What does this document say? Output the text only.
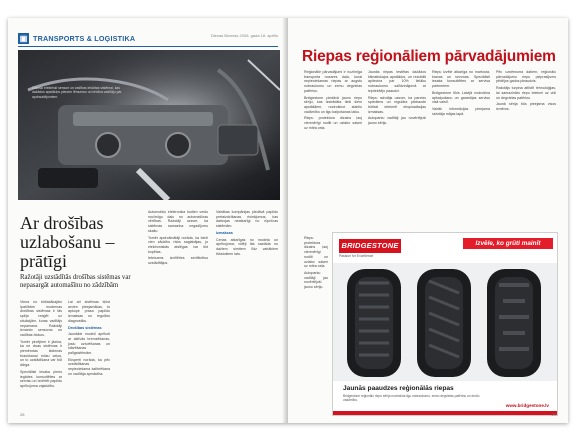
▣ TRANSPORTS & LOĢISTIKA	Dienas Bizness 2008. gada 18. aprīlis
Dabiski elektriski sensori un vadības iekārtas sistēmai, kas dažādos apstākļos pieņem lēmumus un brīdina vadītāju par apdraudējumiem.
Ar drošības uzlabošanu – prātīgi
Ražotāji uzstādītās drošības sistēmas var nepasargāt automašīnu no zādzībām

Viena no būtiskākajām īpašībām modernas drošības sistēmas ir tās spēja reaģēt uz situācijām, kuras vadītājs nepamana. Ražotāji izmanto sensorus un vadības blokus.

Tomēr pircējiem ir jāzina, ka ne visas sistēmas ir piemērotas ikdienas braukšanai mūsu ceļos, un to uzstādīšana var būt dārga.

Speciālisti iesaka pirms iegādes konsultēties ar servisu un izvērtēt papildu aprīkojuma vajadzību.

Lai arī sistēmas kļūst arvien pieejamākas, to apkope prasa papildu izmaksas un regulāru diagnostiku.

Drošības sistēmas

Jaunākie modeļi aprīkoti ar aktīvās bremzēšanas, joslu uzturēšanas un stāvēšanas palīgsistēmām.

Eksperti norāda, ka pēc uzstādīšanas nepieciešama kalibrēšana un vadītāja apmācība.

Automobiļu elektronika šodien veido nozīmīgu daļu no automašīnas vērtības. Ražotāji uzsver, ka sistēmas samazina negadījumu skaitu.

Tomēr apdrošinātāji norāda, ka bieži vien zādzību risks saglabājas, jo elektroniskās atslēgas var tikt kopētas.

Ieteicams izvēlēties sertificētus uzstādītājus.

Vairākas kompānijas piedāvā papildu pretaizdzīšanas risinājumus, kas darbojas neatkarīgi no rūpnīcas sistēmām.

Izmaksas

Cenas atkarīgas no modeļa un aprīkojuma; vidēji tās sastāda no dažiem simtiem līdz vairākiem tūkstošiem latu.

28
Riepas reģionāliem pārvadājumiem

Reģionālie pārvadājumi ir nozīmīga transporta nozares daļa, kurai nepieciešamas riepas ar augstu nobraukumu un zemu degvielas patēriņu.

Bridgestone piedāvā jaunu riepu sēriju, kas izstrādāta tieši šiem apstākļiem, nodrošinot stabilu vadāmību un ilgu kalpošanas laiku.

Riepu protektora dizains ļauj vienmērīgi nodilt un uzlabo saķeri uz mitra ceļa.

Jaunās riepas testētas dažādos klimatiskajos apstākļos, un rezultāti apliecina par 10% lielāku nobraukumu salīdzinājumā ar iepriekšējo paaudzi.

Riepu ražotājs uzsver, ka pareizs spiediens un regulāra pārbaude būtiski ietekmē ekspluatācijas izmaksas.

Autoparku vadītāji jau novērtējuši jauno sēriju.

Riepu izvēle atkarīga no maršruta, kravas un sezonas. Speciālisti iesaka konsultēties ar servisa partneriem.

Bridgestone tīkls Latvijā nodrošina apkalpošanu un garantijas servisu visā valstī.

Vairāk informācijas pieejama ražotāja mājas lapā.

Pēc uzņēmuma datiem, reģionālo pārvadājumu riepu pieprasījums pēdējos gados pieaudzis.

Ražotājs turpina attīstīt tehnoloģijas, lai samazinātu riepu ietekmi uz vidi un degvielas patēriņu.

Jaunā sērija būs pieejama visos izmēros.

Riepu protektora dizains ļauj vienmērīgi nodilt un uzlabo saķeri uz mitra ceļa.

Autoparku vadītāji jau novērtējuši jauno sēriju.

BRIDGESTONE
Passion for Excellence
Izvēle, ko grūti mainīt
Jaunās paaudzes reģionālās riepas
Bridgestone reģionālo riepu sērija nodrošina ilgu nobraukumu, zemu degvielas patēriņu un drošu vadāmību.
www.bridgestone.lv
29
